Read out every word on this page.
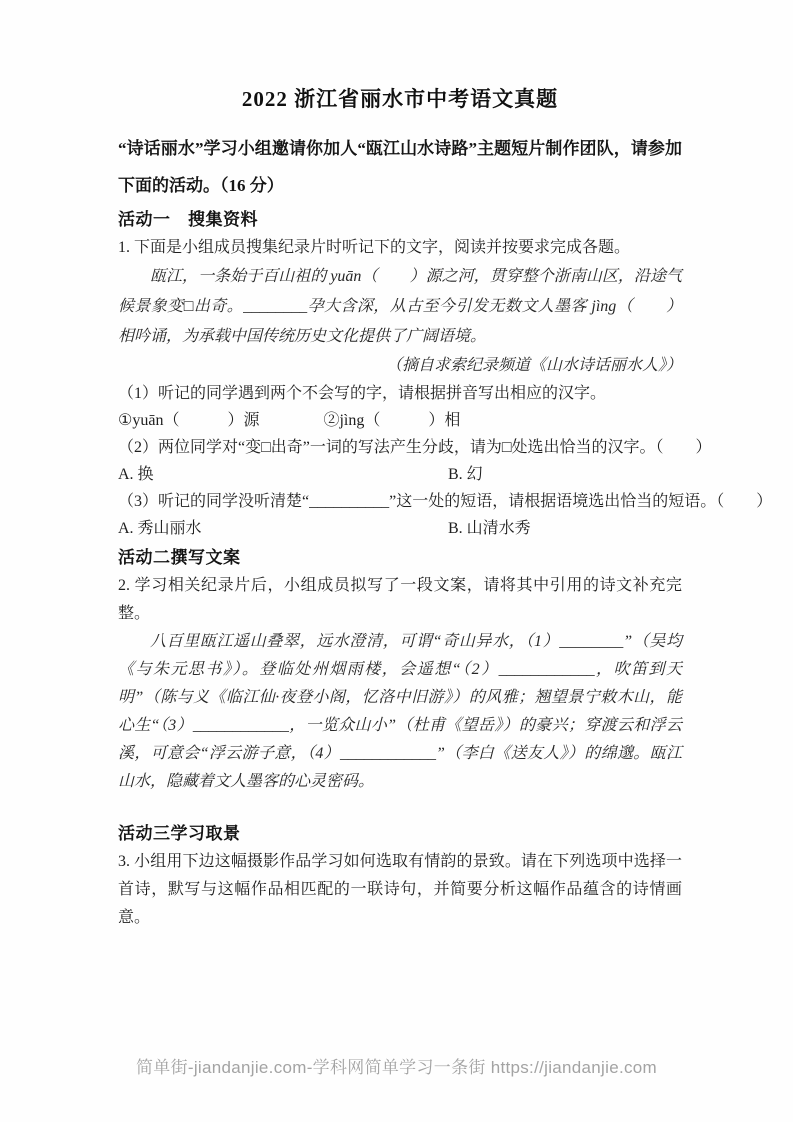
2022 浙江省丽水市中考语文真题

“诗话丽水”学习小组邀请你加人“瓯江山水诗路”主题短片制作团队，请参加下面的活动。（16 分）

活动一　搜集资料

1. 下面是小组成员搜集纪录片时听记下的文字，阅读并按要求完成各题。

瓯江，一条始于百山祖的 yuān（　　）源之河，贯穿整个浙南山区，沿途气候景象变□出奇。________孕大含深，从古至今引发无数文人墨客 jìng（　　）相吟诵，为承载中国传统历史文化提供了广阔语境。

（摘自求索纪录频道《山水诗话丽水人》）

（1）听记的同学遇到两个不会写的字，请根据拼音写出相应的汉字。

①yuān（　　　）源　　　　②jìng（　　　）相

（2）两位同学对“变□出奇”一词的写法产生分歧，请为□处选出恰当的汉字。（　　）

A. 换	B. 幻

（3）听记的同学没听清楚“__________”这一处的短语，请根据语境选出恰当的短语。（　　）

A. 秀山丽水	B. 山清水秀
活动二撰写文案

2. 学习相关纪录片后，小组成员拟写了一段文案，请将其中引用的诗文补充完整。

八百里瓯江遥山叠翠，远水澄清，可谓“奇山异水，（1）________”（吴均《与朱元思书》）。登临处州烟雨楼，会遥想“（2）____________，吹笛到天明”（陈与义《临江仙·夜登小阁，忆洛中旧游》）的风雅；翘望景宁敕木山，能心生“（3）____________，一览众山小”（杜甫《望岳》）的豪兴；穿渡云和浮云溪，可意会“浮云游子意，（4）____________”（李白《送友人》）的绵邈。瓯江山水，隐藏着文人墨客的心灵密码。

活动三学习取景

3. 小组用下边这幅摄影作品学习如何选取有情韵的景致。请在下列选项中选择一首诗，默写与这幅作品相匹配的一联诗句，并简要分析这幅作品蕴含的诗情画意。

简单街-jiandanjie.com-学科网简单学习一条街 https://jiandanjie.com
